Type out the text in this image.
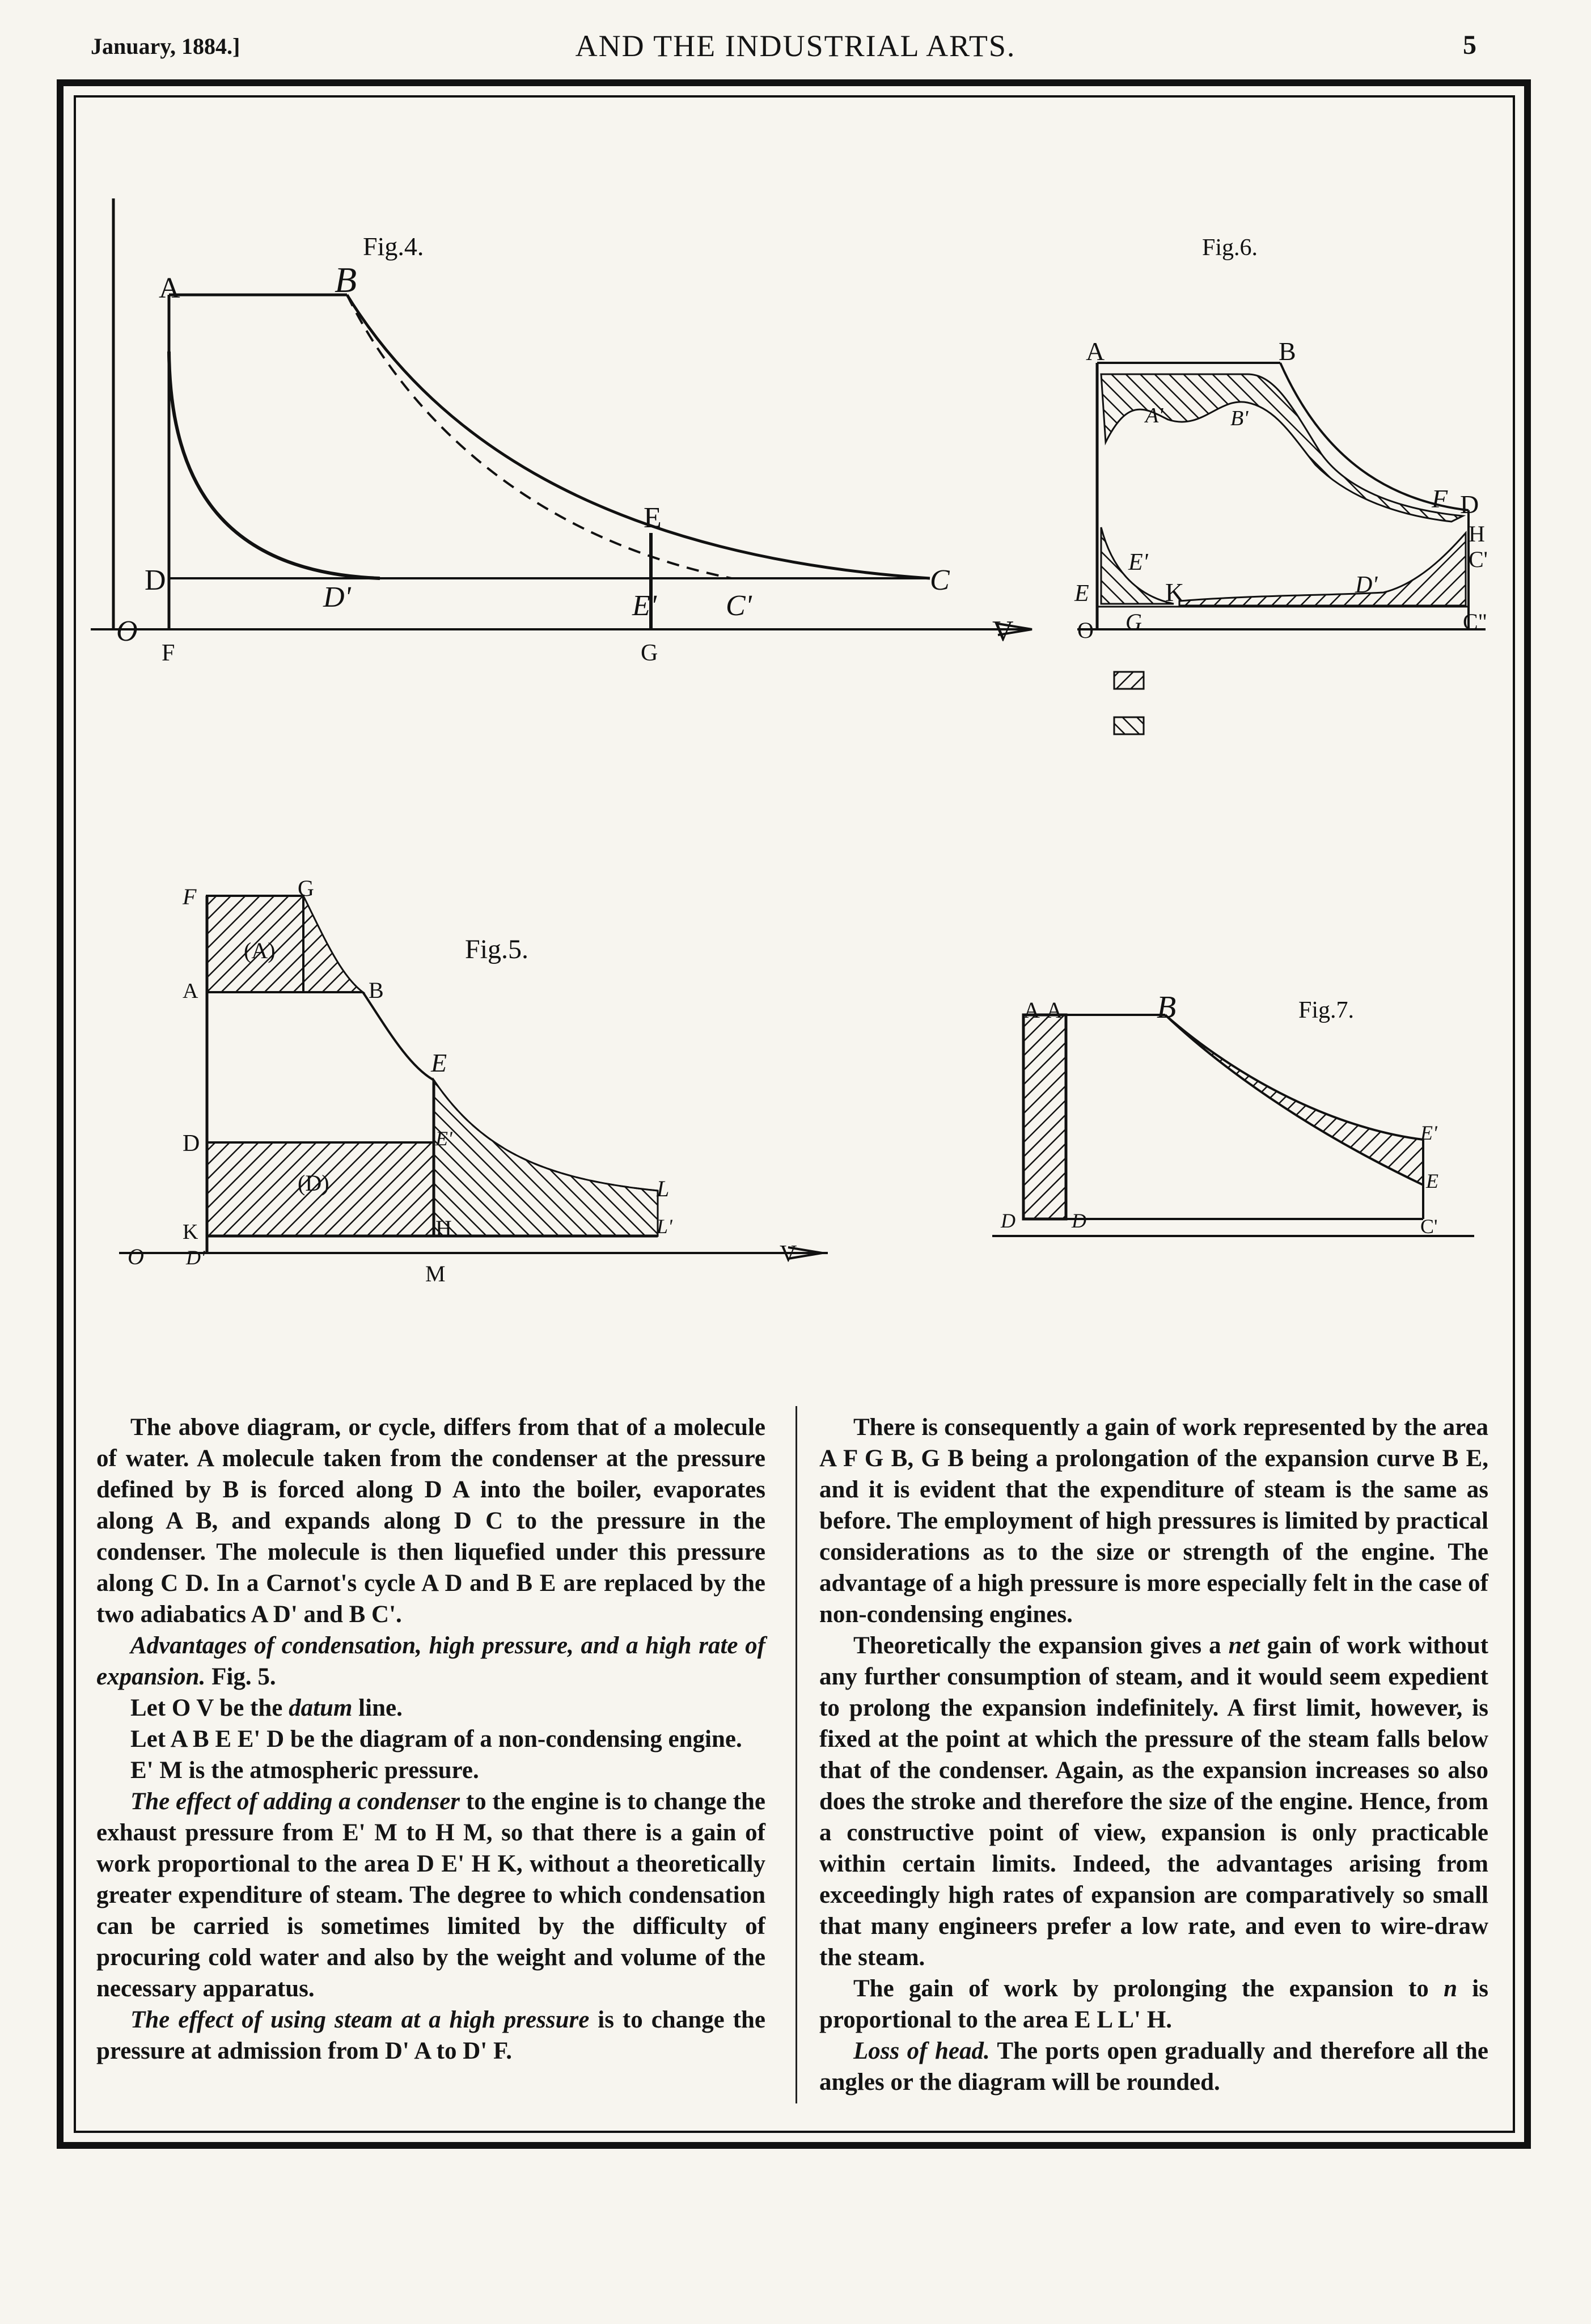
January, 1884.]	AND THE INDUSTRIAL ARTS.	5
Fig.4.
A	B
D
D'
E
E' C'
C
V
O
F	G
Fig.6.
A	B
A'	B'
F D
H
C'
E
E'
K	D'
O G	C"
Fig.5.
F	G
A	B
E
D	E'
L
L'
K	H
M
D'
O	V
(A)
(D)
Fig.7.
A A	B
E'
E
D	D	C'

The above diagram, or cycle, differs from that of a molecule of water. A molecule taken from the condenser at the pressure defined by B is forced along D A into the boiler, evaporates along A B, and expands along D C to the pressure in the condenser. The molecule is then liquefied under this pressure along C D. In a Carnot's cycle A D and B E are replaced by the two adiabatics A D' and B C'.

Advantages of condensation, high pressure, and a high rate of expansion. Fig. 5.

Let O V be the datum line.

Let A B E E' D be the diagram of a non-condensing engine.

E' M is the atmospheric pressure.

The effect of adding a condenser to the engine is to change the exhaust pressure from E' M to H M, so that there is a gain of work proportional to the area D E' H K, without a theoretically greater expenditure of steam. The degree to which condensation can be carried is sometimes limited by the difficulty of procuring cold water and also by the weight and volume of the necessary apparatus.

The effect of using steam at a high pressure is to change the pressure at admission from D' A to D' F.

There is consequently a gain of work represented by the area A F G B, G B being a prolongation of the expansion curve B E, and it is evident that the expenditure of steam is the same as before. The employment of high pressures is limited by practical considerations as to the size or strength of the engine. The advantage of a high pressure is more especially felt in the case of non-condensing engines.

Theoretically the expansion gives a net gain of work without any further consumption of steam, and it would seem expedient to prolong the expansion indefinitely. A first limit, however, is fixed at the point at which the pressure of the steam falls below that of the condenser. Again, as the expansion increases so also does the stroke and therefore the size of the engine. Hence, from a constructive point of view, expansion is only practicable within certain limits. Indeed, the advantages arising from exceedingly high rates of expansion are comparatively so small that many engineers prefer a low rate, and even to wire-draw the steam.

The gain of work by prolonging the expansion to n is proportional to the area E L L' H.

Loss of head. The ports open gradually and therefore all the angles or the diagram will be rounded.
